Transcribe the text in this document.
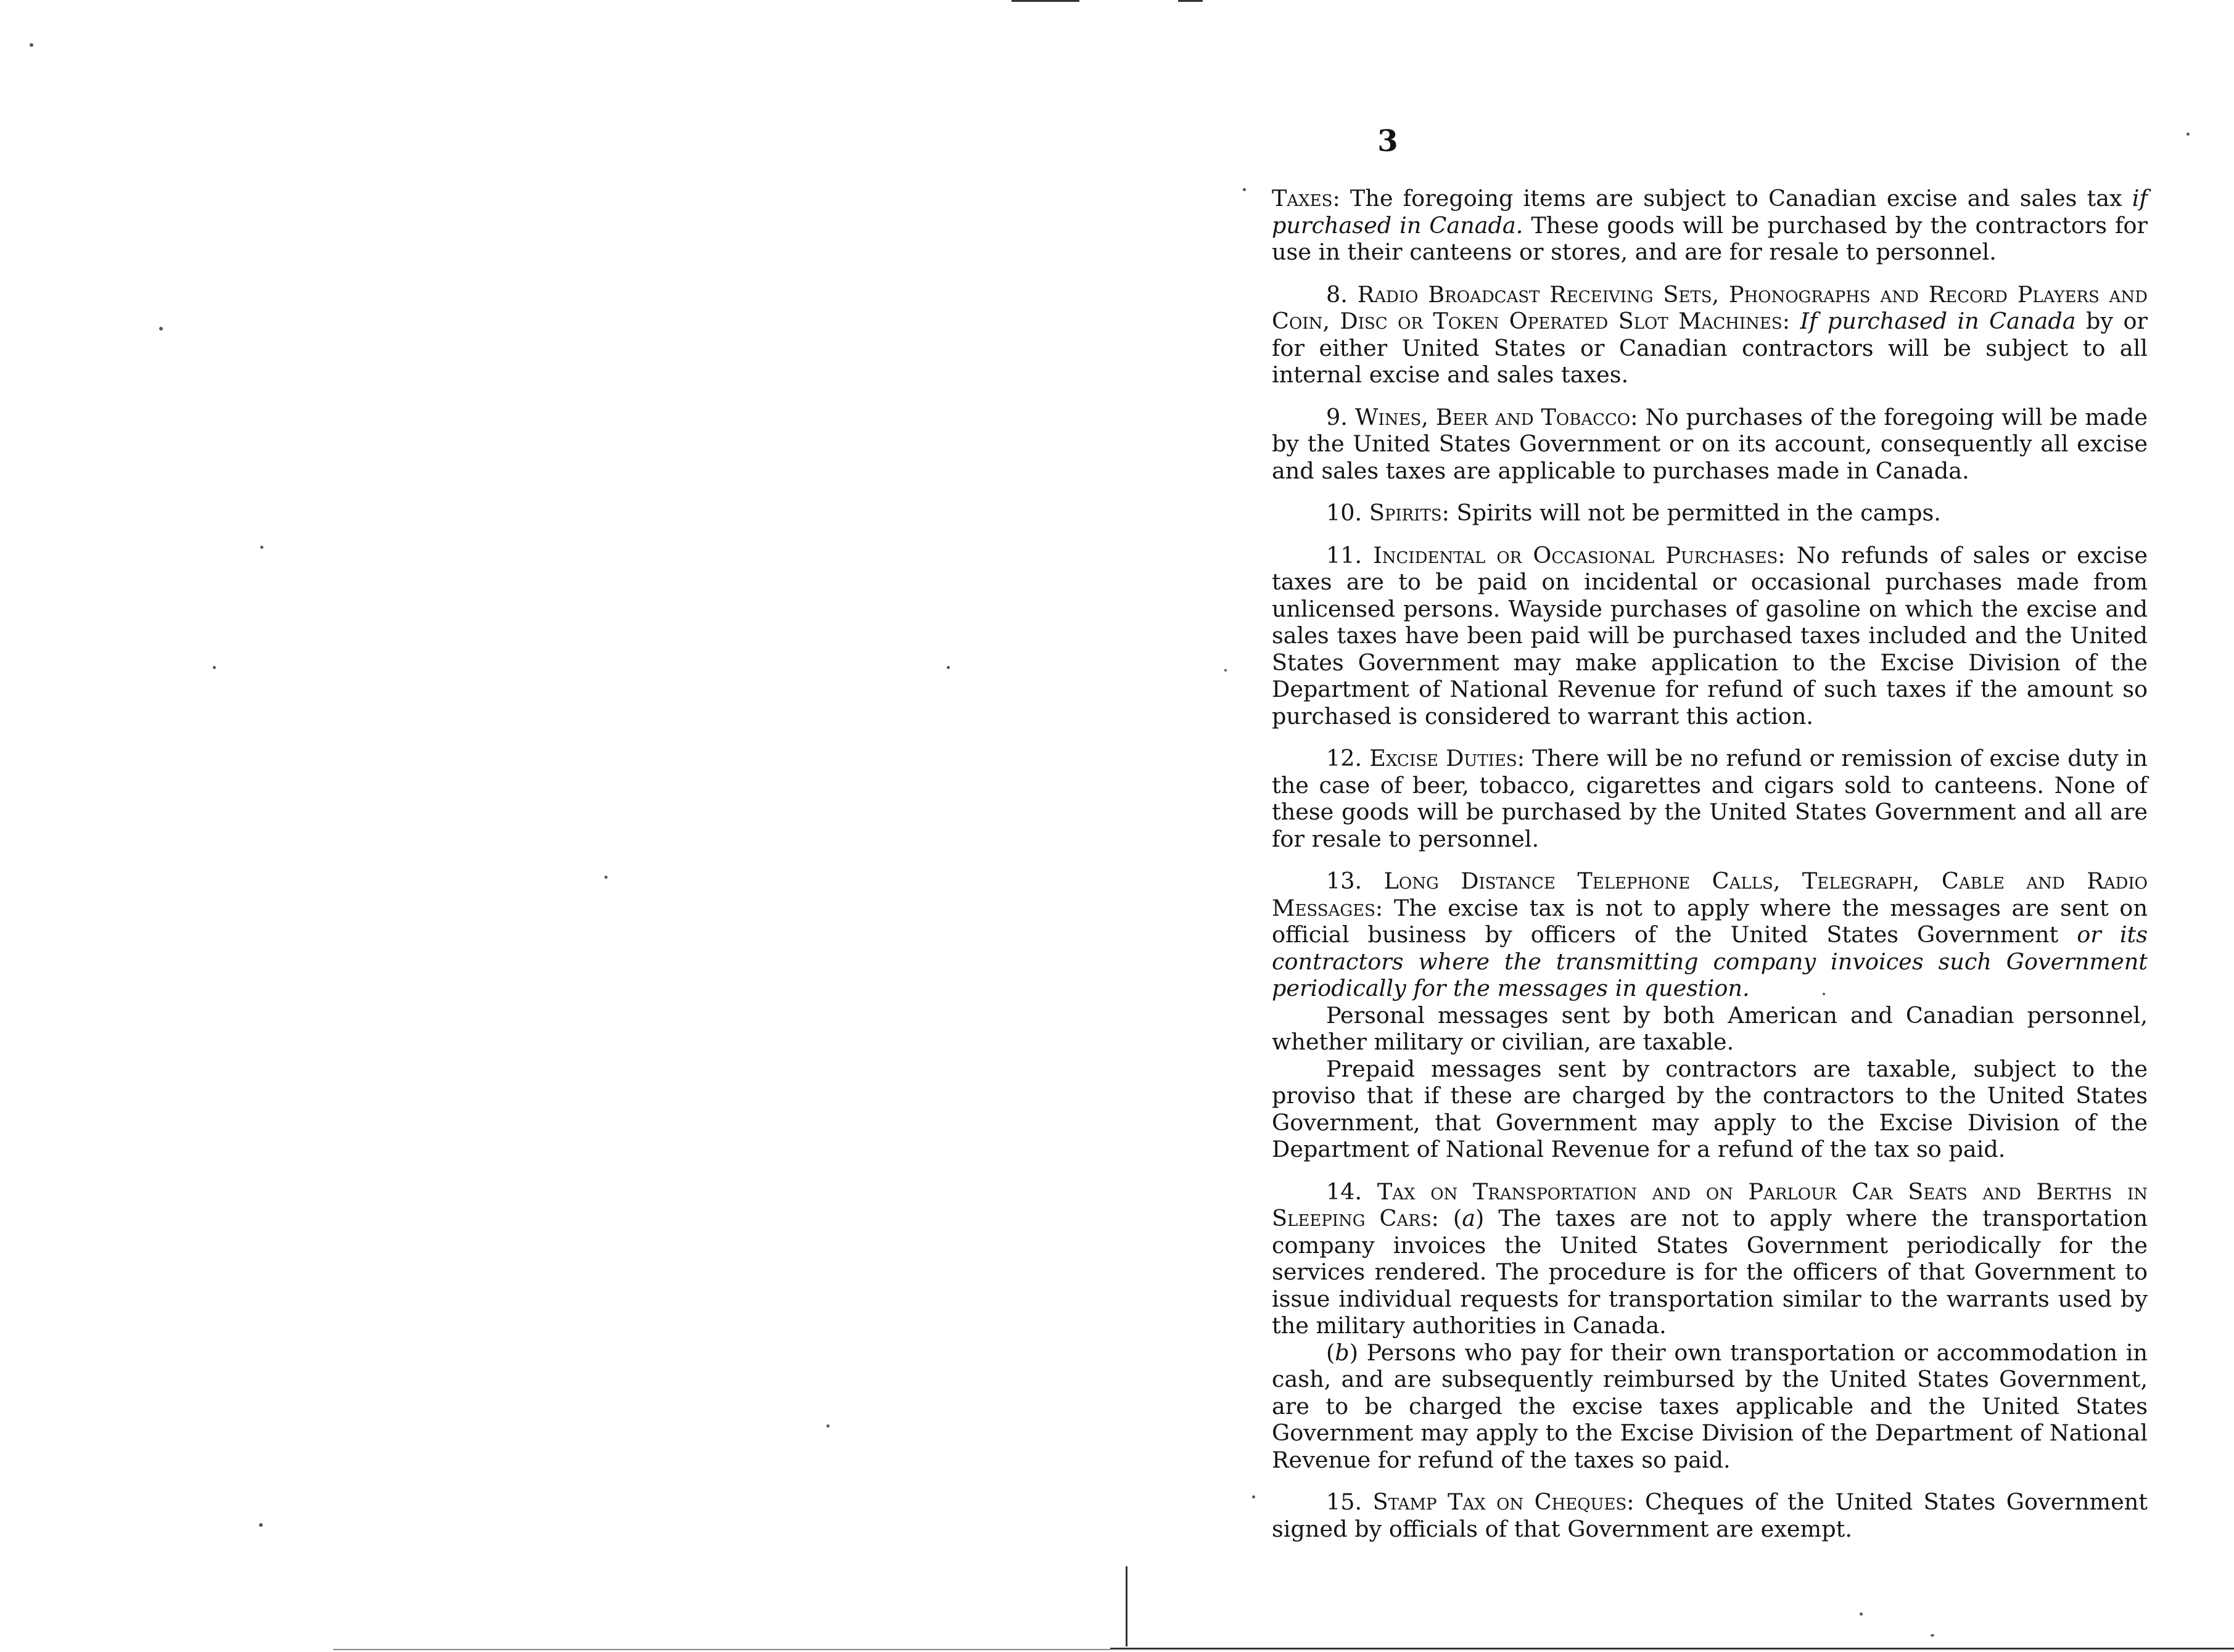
3

Taxes: The foregoing items are subject to Canadian excise and sales tax if purchased in Canada. These goods will be purchased by the contractors for use in their canteens or stores, and are for resale to personnel.

8. Radio Broadcast Receiving Sets, Phonographs and Record Players and Coin, Disc or Token Operated Slot Machines: If purchased in Canada by or for either United States or Canadian contractors will be subject to all internal excise and sales taxes.

9. Wines, Beer and Tobacco: No purchases of the foregoing will be made by the United States Government or on its account, consequently all excise and sales taxes are applicable to purchases made in Canada.

10. Spirits: Spirits will not be permitted in the camps.

11. Incidental or Occasional Purchases: No refunds of sales or excise taxes are to be paid on incidental or occasional purchases made from unlicensed persons. Wayside purchases of gasoline on which the excise and sales taxes have been paid will be purchased taxes included and the United States Government may make application to the Excise Division of the Department of National Revenue for refund of such taxes if the amount so purchased is considered to warrant this action.

12. Excise Duties: There will be no refund or remission of excise duty in the case of beer, tobacco, cigarettes and cigars sold to canteens. None of these goods will be purchased by the United States Government and all are for resale to personnel.

13. Long Distance Telephone Calls, Telegraph, Cable and Radio Messages: The excise tax is not to apply where the messages are sent on official business by officers of the United States Government or its contractors where the transmitting company invoices such Government periodically for the messages in question.

Personal messages sent by both American and Canadian personnel, whether military or civilian, are taxable.

Prepaid messages sent by contractors are taxable, subject to the proviso that if these are charged by the contractors to the United States Government, that Government may apply to the Excise Division of the Department of National Revenue for a refund of the tax so paid.

14. Tax on Transportation and on Parlour Car Seats and Berths in Sleeping Cars: (a) The taxes are not to apply where the transportation company invoices the United States Government periodically for the services rendered. The procedure is for the officers of that Government to issue individual requests for transportation similar to the warrants used by the military authorities in Canada.

(b) Persons who pay for their own transportation or accommodation in cash, and are subsequently reimbursed by the United States Government, are to be charged the excise taxes applicable and the United States Government may apply to the Excise Division of the Department of National Revenue for refund of the taxes so paid.

15. Stamp Tax on Cheques: Cheques of the United States Government signed by officials of that Government are exempt.
